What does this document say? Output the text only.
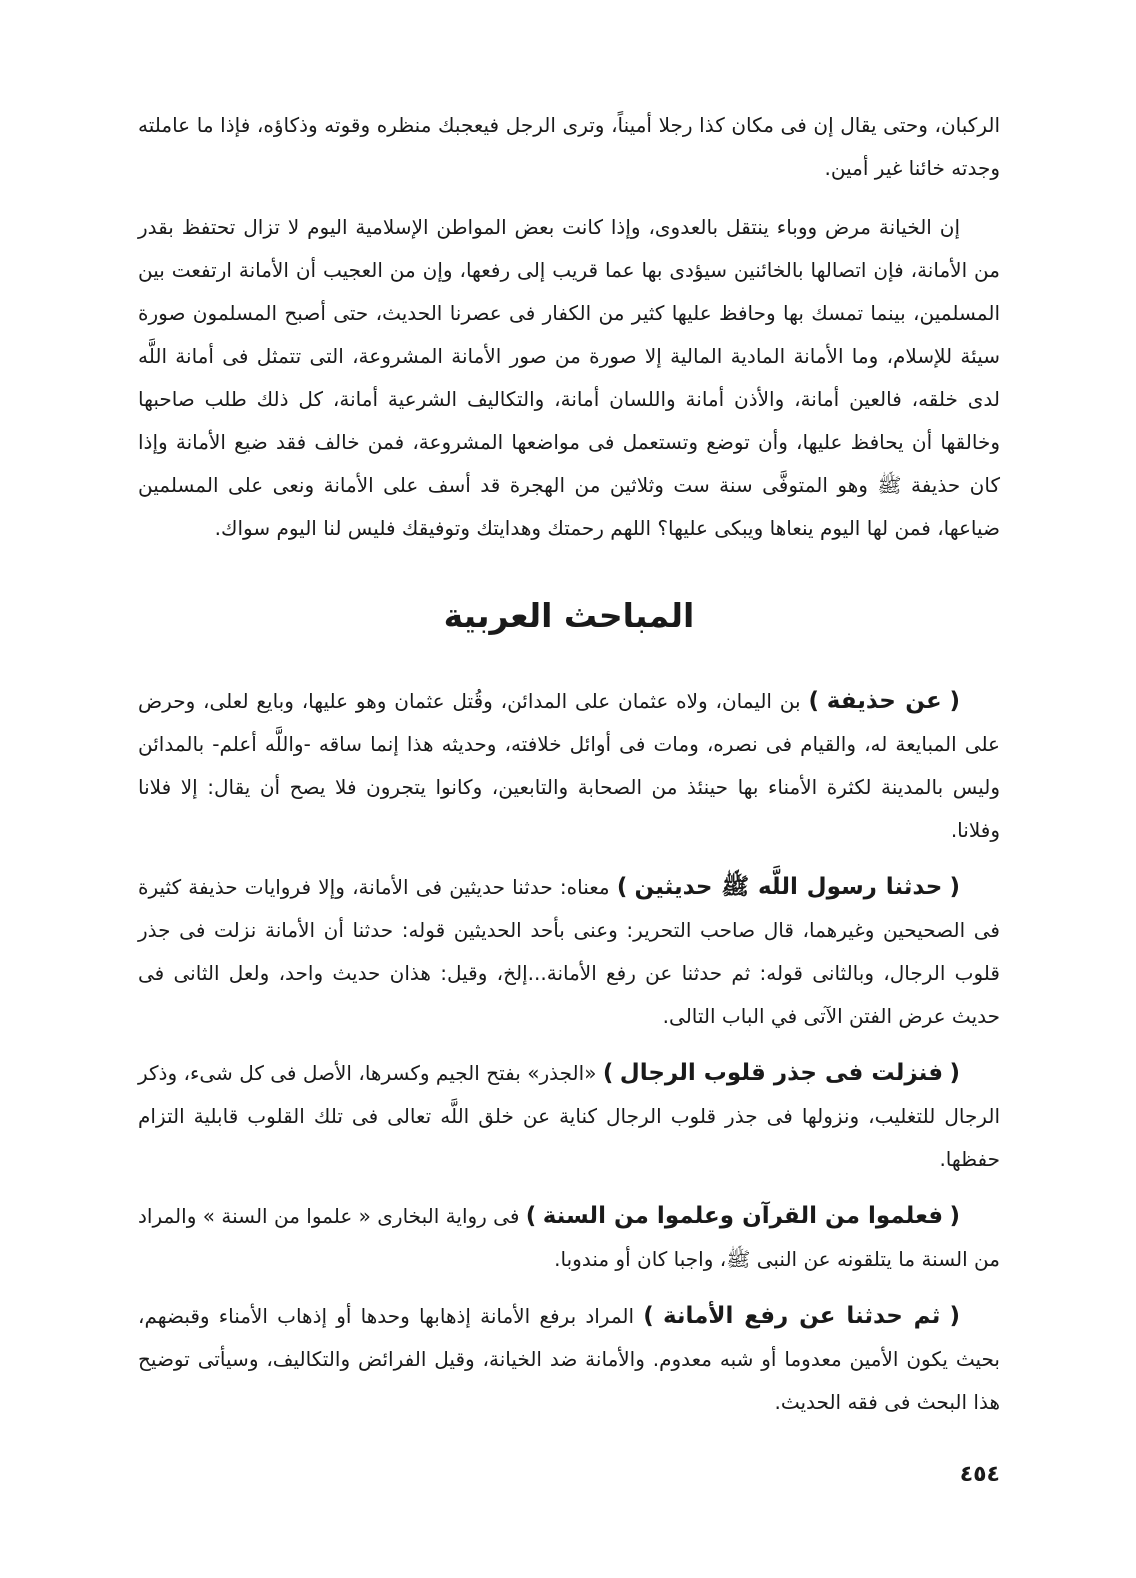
الركبان، وحتى يقال إن فى مكان كذا رجلا أميناً، وترى الرجل فيعجبك منظره وقوته وذكاؤه، فإذا ما عاملته وجدته خائنا غير أمين.

إن الخيانة مرض ووباء ينتقل بالعدوى، وإذا كانت بعض المواطن الإسلامية اليوم لا تزال تحتفظ بقدر من الأمانة، فإن اتصالها بالخائنين سيؤدى بها عما قريب إلى رفعها، وإن من العجيب أن الأمانة ارتفعت بين المسلمين، بينما تمسك بها وحافظ عليها كثير من الكفار فى عصرنا الحديث، حتى أصبح المسلمون صورة سيئة للإسلام، وما الأمانة المادية المالية إلا صورة من صور الأمانة المشروعة، التى تتمثل فى أمانة اللَّه لدى خلقه، فالعين أمانة، والأذن أمانة واللسان أمانة، والتكاليف الشرعية أمانة، كل ذلك طلب صاحبها وخالقها أن يحافظ عليها، وأن توضع وتستعمل فى مواضعها المشروعة، فمن خالف فقد ضيع الأمانة وإذا كان حذيفة ﷺ وهو المتوفَّى سنة ست وثلاثين من الهجرة قد أسف على الأمانة ونعى على المسلمين ضياعها، فمن لها اليوم ينعاها ويبكى عليها؟ اللهم رحمتك وهدايتك وتوفيقك فليس لنا اليوم سواك.

المباحث العربية

( عن حذيفة ) بن اليمان، ولاه عثمان على المدائن، وقُتل عثمان وهو عليها، وبايع لعلى، وحرض على المبايعة له، والقيام فى نصره، ومات فى أوائل خلافته، وحديثه هذا إنما ساقه -واللَّه أعلم- بالمدائن وليس بالمدينة لكثرة الأمناء بها حينئذ من الصحابة والتابعين، وكانوا يتجرون فلا يصح أن يقال: إلا فلانا وفلانا.

( حدثنا رسول اللَّه ﷺ حديثين ) معناه: حدثنا حديثين فى الأمانة، وإلا فروايات حذيفة كثيرة فى الصحيحين وغيرهما، قال صاحب التحرير: وعنى بأحد الحديثين قوله: حدثنا أن الأمانة نزلت فى جذر قلوب الرجال، وبالثانى قوله: ثم حدثنا عن رفع الأمانة...إلخ، وقيل: هذان حديث واحد، ولعل الثانى فى حديث عرض الفتن الآتى في الباب التالى.

( فنزلت فى جذر قلوب الرجال ) «الجذر» بفتح الجيم وكسرها، الأصل فى كل شىء، وذكر الرجال للتغليب، ونزولها فى جذر قلوب الرجال كناية عن خلق اللَّه تعالى فى تلك القلوب قابلية التزام حفظها.

( فعلموا من القرآن وعلموا من السنة ) فى رواية البخارى « علموا من السنة » والمراد من السنة ما يتلقونه عن النبى ﷺ، واجبا كان أو مندوبا.

( ثم حدثنا عن رفع الأمانة ) المراد برفع الأمانة إذهابها وحدها أو إذهاب الأمناء وقبضهم، بحيث يكون الأمين معدوما أو شبه معدوم. والأمانة ضد الخيانة، وقيل الفرائض والتكاليف، وسيأتى توضيح هذا البحث فى فقه الحديث.

٤٥٤
